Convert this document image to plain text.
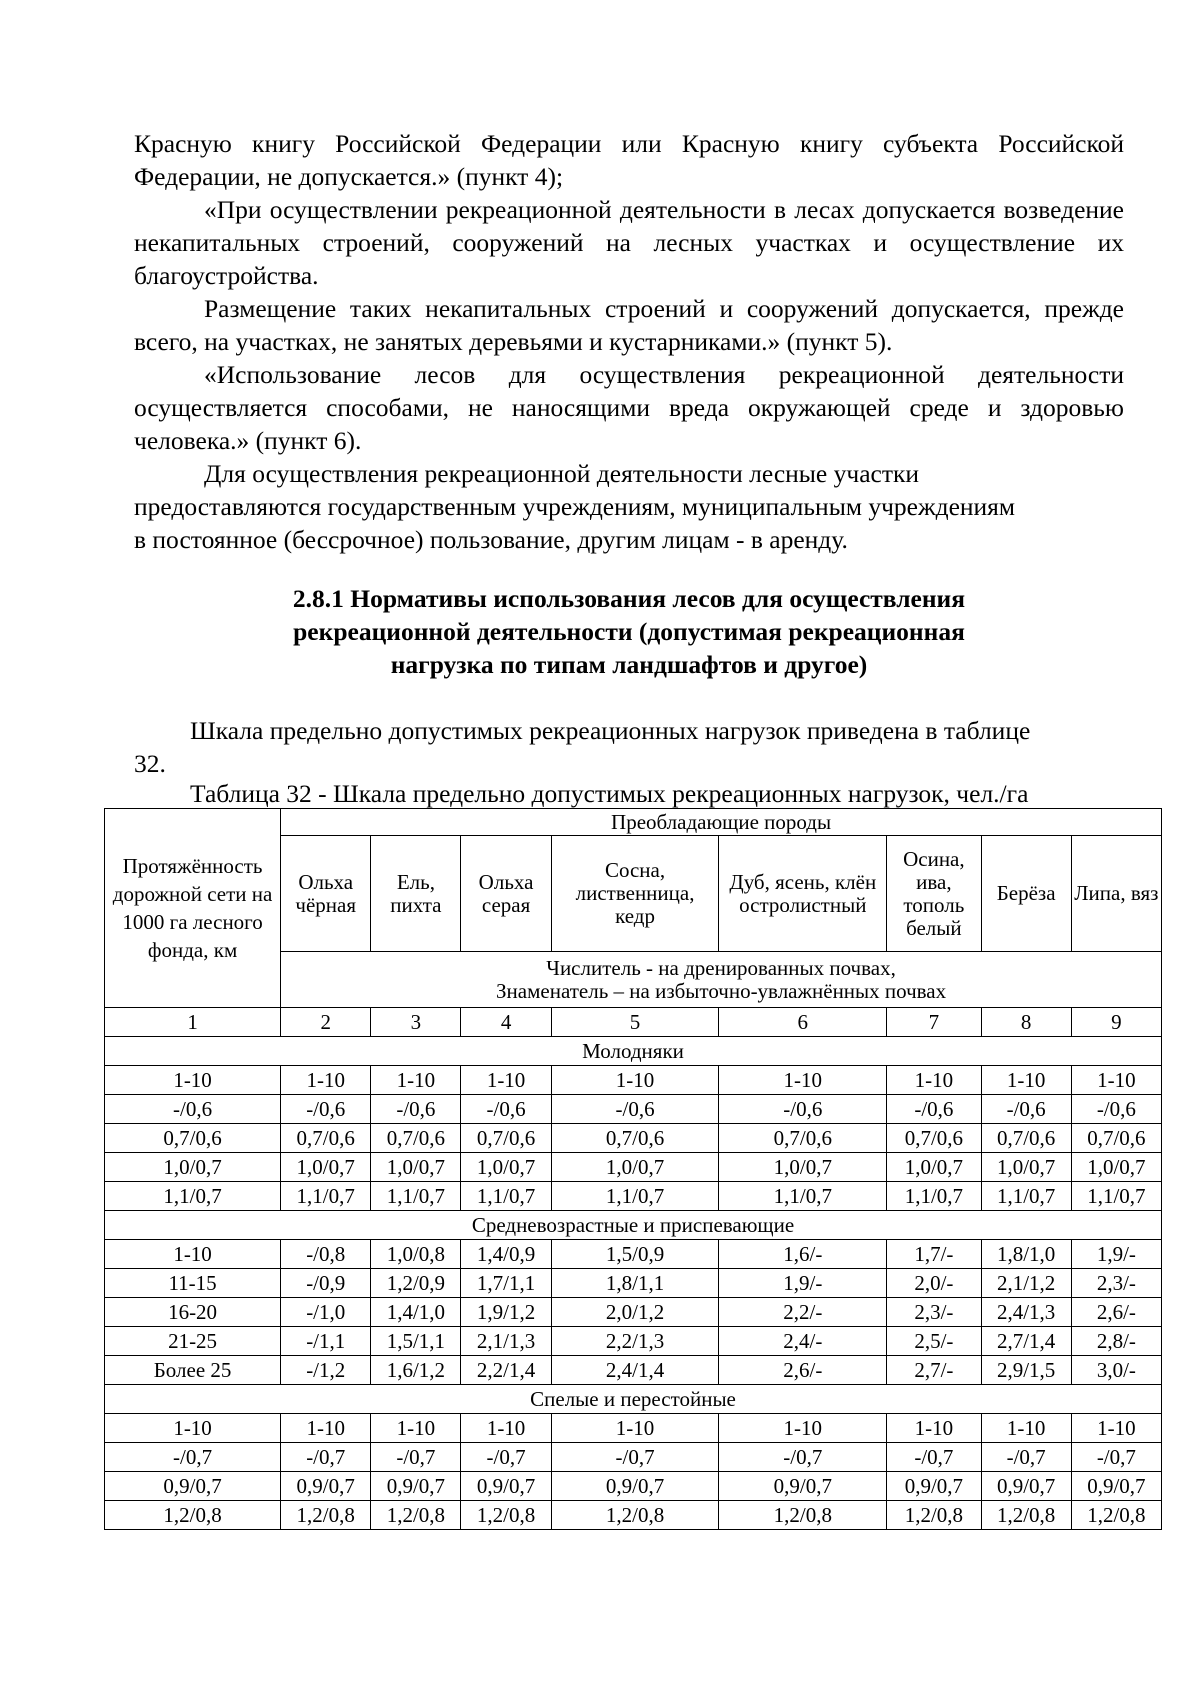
Красную книгу Российской Федерации или Красную книгу субъекта Российской Федерации, не допускается.» (пункт 4);

«При осуществлении рекреационной деятельности в лесах допускается возведение некапитальных строений, сооружений на лесных участках и осуществление их благоустройства.

Размещение таких некапитальных строений и сооружений допускается, прежде всего, на участках, не занятых деревьями и кустарниками.» (пункт 5).

«Использование лесов для осуществления рекреационной деятельности осуществляется способами, не наносящими вреда окружающей среде и здоровью человека.» (пункт 6).

Для осуществления рекреационной деятельности лесные участки
предоставляются государственным учреждениям, муниципальным учреждениям
в постоянное (бессрочное) пользование, другим лицам - в аренду.
2.8.1 Нормативы использования лесов для осуществления
рекреационной деятельности (допустимая рекреационная
нагрузка по типам ландшафтов и другое)
Шкала предельно допустимых рекреационных нагрузок приведена в таблице
32.
Таблица 32 - Шкала предельно допустимых рекреационных нагрузок, чел./га
Протяжённость дорожной сети на 1000 га лесного фонда, км	Преобладающие породы							
	Ольха чёрная	Ель, пихта	Ольха серая	Сосна, лиственница, кедр	Дуб, ясень, клён остролистный	Осина, ива, тополь белый	Берёза	Липа, вяз

	Числитель - на дренированных почвах,
Знаменатель – на избыточно-увлажнённых почвах							

1	2	3	4	5	6	7	8	9
Молодняки								
1-10	1-10	1-10	1-10	1-10	1-10	1-10	1-10	1-10
-/0,6	-/0,6	-/0,6	-/0,6	-/0,6	-/0,6	-/0,6	-/0,6	-/0,6
0,7/0,6	0,7/0,6	0,7/0,6	0,7/0,6	0,7/0,6	0,7/0,6	0,7/0,6	0,7/0,6	0,7/0,6
1,0/0,7	1,0/0,7	1,0/0,7	1,0/0,7	1,0/0,7	1,0/0,7	1,0/0,7	1,0/0,7	1,0/0,7
1,1/0,7	1,1/0,7	1,1/0,7	1,1/0,7	1,1/0,7	1,1/0,7	1,1/0,7	1,1/0,7	1,1/0,7
Средневозрастные и приспевающие								
1-10	-/0,8	1,0/0,8	1,4/0,9	1,5/0,9	1,6/-	1,7/-	1,8/1,0	1,9/-
11-15	-/0,9	1,2/0,9	1,7/1,1	1,8/1,1	1,9/-	2,0/-	2,1/1,2	2,3/-
16-20	-/1,0	1,4/1,0	1,9/1,2	2,0/1,2	2,2/-	2,3/-	2,4/1,3	2,6/-
21-25	-/1,1	1,5/1,1	2,1/1,3	2,2/1,3	2,4/-	2,5/-	2,7/1,4	2,8/-
Более 25	-/1,2	1,6/1,2	2,2/1,4	2,4/1,4	2,6/-	2,7/-	2,9/1,5	3,0/-
Спелые и перестойные								
1-10	1-10	1-10	1-10	1-10	1-10	1-10	1-10	1-10
-/0,7	-/0,7	-/0,7	-/0,7	-/0,7	-/0,7	-/0,7	-/0,7	-/0,7
0,9/0,7	0,9/0,7	0,9/0,7	0,9/0,7	0,9/0,7	0,9/0,7	0,9/0,7	0,9/0,7	0,9/0,7
1,2/0,8	1,2/0,8	1,2/0,8	1,2/0,8	1,2/0,8	1,2/0,8	1,2/0,8	1,2/0,8	1,2/0,8
